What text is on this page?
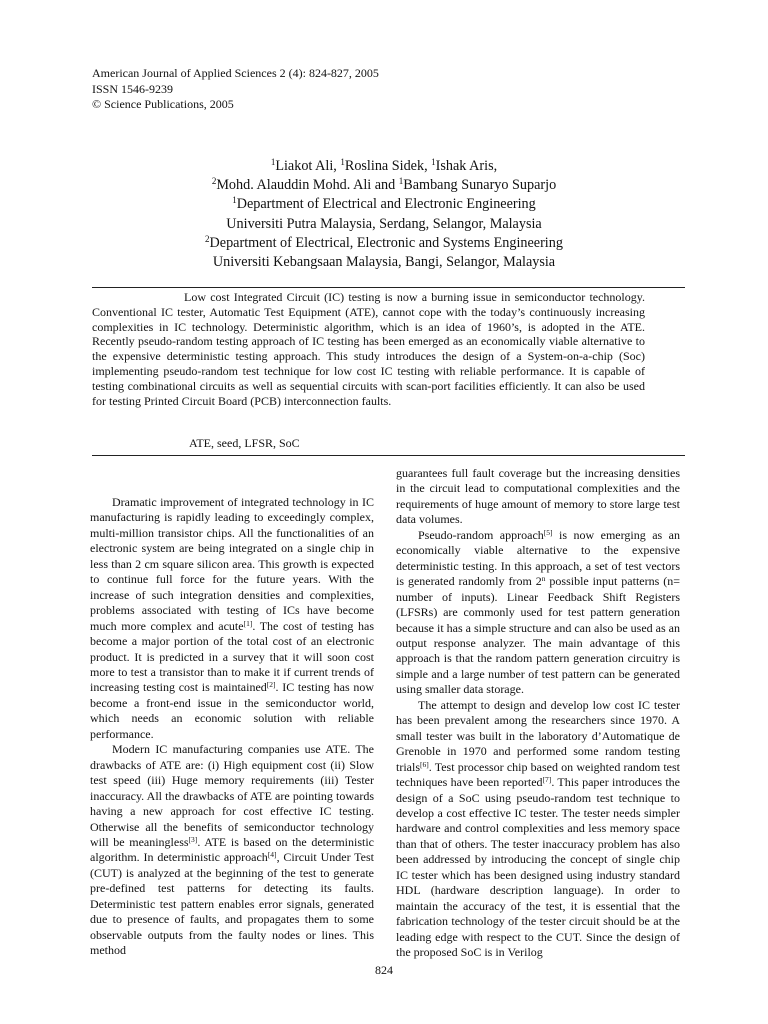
American Journal of Applied Sciences 2 (4): 824-827, 2005
ISSN 1546-9239
© Science Publications, 2005
$^1$Liakot Ali, $^1$Roslina Sidek, $^1$Ishak Aris,
$^2$Mohd. Alauddin Mohd. Ali and $^1$Bambang Sunaryo Suparjo
$^1$Department of Electrical and Electronic Engineering
Universiti Putra Malaysia, Serdang, Selangor, Malaysia
$^2$Department of Electrical, Electronic and Systems Engineering
Universiti Kebangsaan Malaysia, Bangi, Selangor, Malaysia
Low cost Integrated Circuit (IC) testing is now a burning issue in semiconductor technology. Conventional IC tester, Automatic Test Equipment (ATE), cannot cope with the today’s continuously increasing complexities in IC technology. Deterministic algorithm, which is an idea of 1960’s, is adopted in the ATE. Recently pseudo-random testing approach of IC testing has been emerged as an economically viable alternative to the expensive deterministic testing approach. This study introduces the design of a System-on-a-chip (Soc) implementing pseudo-random test technique for low cost IC testing with reliable performance. It is capable of testing combinational circuits as well as sequential circuits with scan-port facilities efficiently. It can also be used for testing Printed Circuit Board (PCB) interconnection faults.
ATE, seed, LFSR, SoC

Dramatic improvement of integrated technology in IC manufacturing is rapidly leading to exceedingly complex, multi-million transistor chips. All the functionalities of an electronic system are being integrated on a single chip in less than 2 cm square silicon area. This growth is expected to continue full force for the future years. With the increase of such integration densities and complexities, problems associated with testing of ICs have become much more complex and acute[1]. The cost of testing has become a major portion of the total cost of an electronic product. It is predicted in a survey that it will soon cost more to test a transistor than to make it if current trends of increasing testing cost is maintained[2]. IC testing has now become a front-end issue in the semiconductor world, which needs an economic solution with reliable performance.

Modern IC manufacturing companies use ATE. The drawbacks of ATE are: (i) High equipment cost (ii) Slow test speed (iii) Huge memory requirements (iii) Tester inaccuracy. All the drawbacks of ATE are pointing towards having a new approach for cost effective IC testing. Otherwise all the benefits of semiconductor technology will be meaningless[3]. ATE is based on the deterministic algorithm. In deterministic approach[4], Circuit Under Test (CUT) is analyzed at the beginning of the test to generate pre-defined test patterns for detecting its faults. Deterministic test pattern enables error signals, generated due to presence of faults, and propagates them to some observable outputs from the faulty nodes or lines. This method

guarantees full fault coverage but the increasing densities in the circuit lead to computational complexities and the requirements of huge amount of memory to store large test data volumes.

Pseudo-random approach[5] is now emerging as an economically viable alternative to the expensive deterministic testing. In this approach, a set of test vectors is generated randomly from 2$^n$ possible input patterns (n= number of inputs). Linear Feedback Shift Registers (LFSRs) are commonly used for test pattern generation because it has a simple structure and can also be used as an output response analyzer. The main advantage of this approach is that the random pattern generation circuitry is simple and a large number of test pattern can be generated using smaller data storage.

The attempt to design and develop low cost IC tester has been prevalent among the researchers since 1970. A small tester was built in the laboratory d’Automatique de Grenoble in 1970 and performed some random testing trials[6]. Test processor chip based on weighted random test techniques have been reported[7]. This paper introduces the design of a SoC using pseudo-random test technique to develop a cost effective IC tester. The tester needs simpler hardware and control complexities and less memory space than that of others. The tester inaccuracy problem has also been addressed by introducing the concept of single chip IC tester which has been designed using industry standard HDL (hardware description language). In order to maintain the accuracy of the test, it is essential that the fabrication technology of the tester circuit should be at the leading edge with respect to the CUT. Since the design of the proposed SoC is in Verilog

824
